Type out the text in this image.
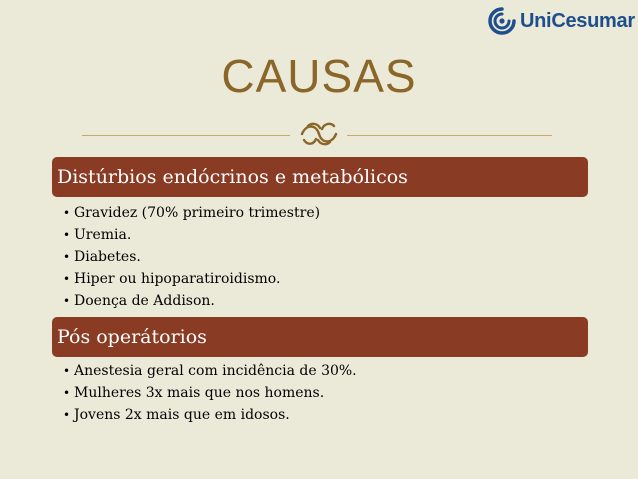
UniCesumar
CAUSAS
Distúrbios endócrinos e metabólicos
• Gravidez (70% primeiro trimestre)
• Uremia.
• Diabetes.
• Hiper ou hipoparatiroidismo.
• Doença de Addison.
Pós operátorios
• Anestesia geral com incidência de 30%.
• Mulheres 3x mais que nos homens.
• Jovens 2x mais que em idosos.
